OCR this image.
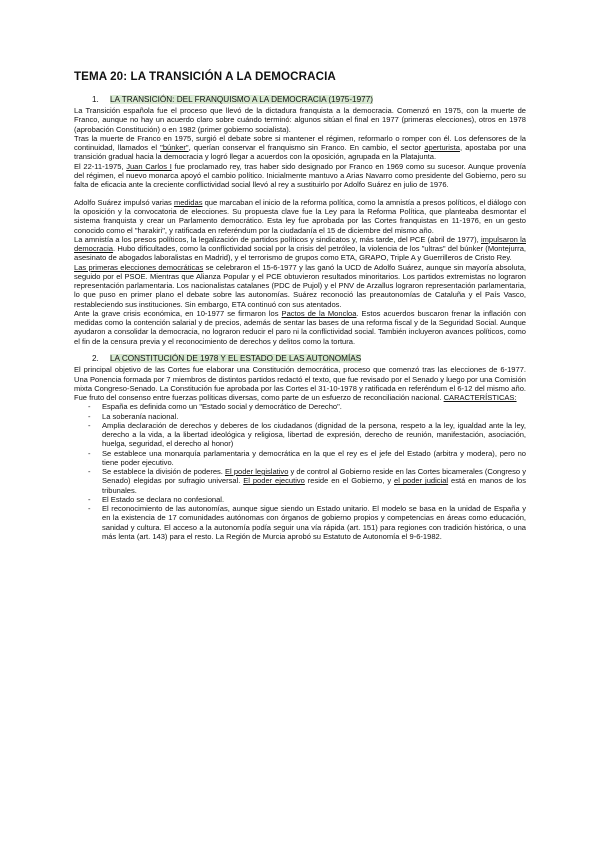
TEMA 20: LA TRANSICIÓN A LA DEMOCRACIA
1. LA TRANSICIÓN: DEL FRANQUISMO A LA DEMOCRACIA (1975-1977)

La Transición española fue el proceso que llevó de la dictadura franquista a la democracia. Comenzó en 1975, con la muerte de Franco, aunque no hay un acuerdo claro sobre cuándo terminó: algunos sitúan el final en 1977 (primeras elecciones), otros en 1978 (aprobación Constitución) o en 1982 (primer gobierno socialista).

Tras la muerte de Franco en 1975, surgió el debate sobre si mantener el régimen, reformarlo o romper con él. Los defensores de la continuidad, llamados el "búnker", querían conservar el franquismo sin Franco. En cambio, el sector aperturista, apostaba por una transición gradual hacia la democracia y logró llegar a acuerdos con la oposición, agrupada en la Platajunta.

El 22-11-1975, Juan Carlos I fue proclamado rey, tras haber sido designado por Franco en 1969 como su sucesor. Aunque provenía del régimen, el nuevo monarca apoyó el cambio político. Inicialmente mantuvo a Arias Navarro como presidente del Gobierno, pero su falta de eficacia ante la creciente conflictividad social llevó al rey a sustituirlo por Adolfo Suárez en julio de 1976.

Adolfo Suárez impulsó varias medidas que marcaban el inicio de la reforma política, como la amnistía a presos políticos, el diálogo con la oposición y la convocatoria de elecciones. Su propuesta clave fue la Ley para la Reforma Política, que planteaba desmontar el sistema franquista y crear un Parlamento democrático. Esta ley fue aprobada por las Cortes franquistas en 11-1976, en un gesto conocido como el "harakiri", y ratificada en referéndum por la ciudadanía el 15 de diciembre del mismo año.

La amnistía a los presos políticos, la legalización de partidos políticos y sindicatos y, más tarde, del PCE (abril de 1977), impulsaron la democracia. Hubo dificultades, como la conflictividad social por la crisis del petróleo, la violencia de los "ultras" del búnker (Montejurra, asesinato de abogados laboralistas en Madrid), y el terrorismo de grupos como ETA, GRAPO, Triple A y Guerrilleros de Cristo Rey.

Las primeras elecciones democráticas se celebraron el 15-6-1977 y las ganó la UCD de Adolfo Suárez, aunque sin mayoría absoluta, seguido por el PSOE. Mientras que Alianza Popular y el PCE obtuvieron resultados minoritarios. Los partidos extremistas no lograron representación parlamentaria. Los nacionalistas catalanes (PDC de Pujol) y el PNV de Arzallus lograron representación parlamentaria, lo que puso en primer plano el debate sobre las autonomías. Suárez reconoció las preautonomías de Cataluña y el País Vasco, restableciendo sus instituciones. Sin embargo, ETA continuó con sus atentados.

Ante la grave crisis económica, en 10-1977 se firmaron los Pactos de la Moncloa. Estos acuerdos buscaron frenar la inflación con medidas como la contención salarial y de precios, además de sentar las bases de una reforma fiscal y de la Seguridad Social. Aunque ayudaron a consolidar la democracia, no lograron reducir el paro ni la conflictividad social. También incluyeron avances políticos, como el fin de la censura previa y el reconocimiento de derechos y delitos como la tortura.

2. LA CONSTITUCIÓN DE 1978 Y EL ESTADO DE LAS AUTONOMÍAS

El principal objetivo de las Cortes fue elaborar una Constitución democrática, proceso que comenzó tras las elecciones de 6-1977. Una Ponencia formada por 7 miembros de distintos partidos redactó el texto, que fue revisado por el Senado y luego por una Comisión mixta Congreso-Senado. La Constitución fue aprobada por las Cortes el 31-10-1978 y ratificada en referéndum el 6-12 del mismo año. Fue fruto del consenso entre fuerzas políticas diversas, como parte de un esfuerzo de reconciliación nacional. CARACTERÍSTICAS:

- España es definida como un "Estado social y democrático de Derecho".
- La soberanía nacional.
- Amplia declaración de derechos y deberes de los ciudadanos (dignidad de la persona, respeto a la ley, igualdad ante la ley, derecho a la vida, a la libertad ideológica y religiosa, libertad de expresión, derecho de reunión, manifestación, asociación, huelga, seguridad, el derecho al honor)
- Se establece una monarquía parlamentaria y democrática en la que el rey es el jefe del Estado (arbitra y modera), pero no tiene poder ejecutivo.
- Se establece la división de poderes. El poder legislativo y de control al Gobierno reside en las Cortes bicamerales (Congreso y Senado) elegidas por sufragio universal. El poder ejecutivo reside en el Gobierno, y el poder judicial está en manos de los tribunales.
- El Estado se declara no confesional.
- El reconocimiento de las autonomías, aunque sigue siendo un Estado unitario. El modelo se basa en la unidad de España y en la existencia de 17 comunidades autónomas con órganos de gobierno propios y competencias en áreas como educación, sanidad y cultura. El acceso a la autonomía podía seguir una vía rápida (art. 151) para regiones con tradición histórica, o una más lenta (art. 143) para el resto. La Región de Murcia aprobó su Estatuto de Autonomía el 9-6-1982.
